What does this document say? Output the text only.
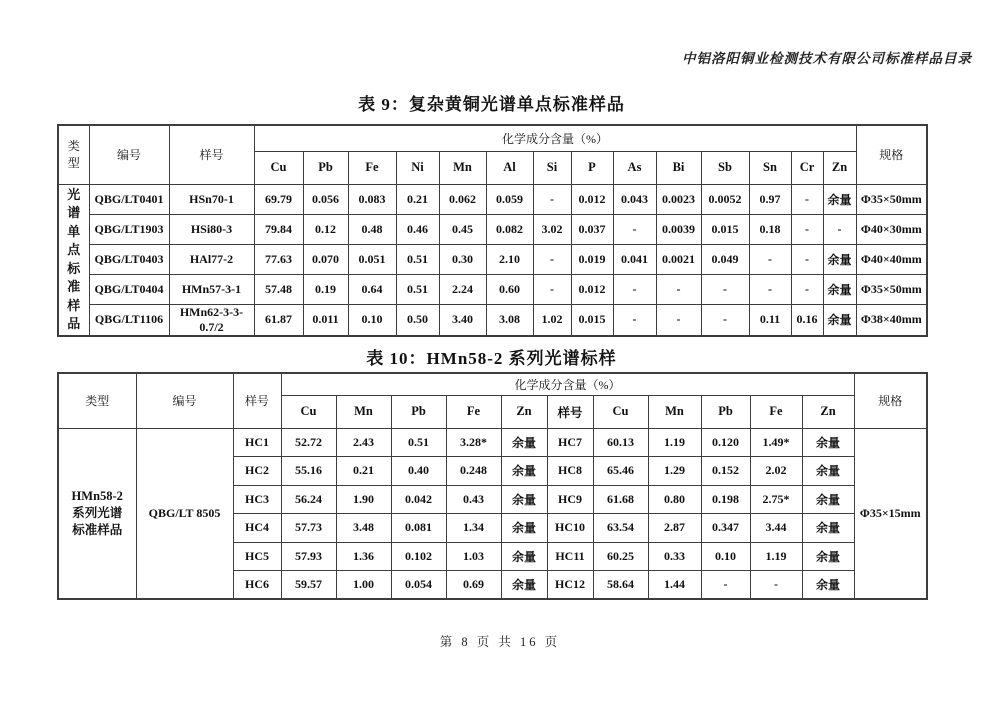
中铝洛阳铜业检测技术有限公司标准样品目录
表 9：复杂黄铜光谱单点标准样品
类型	编号	样号	化学成分含量（%）														规格
			Cu	Pb	Fe	Ni	Mn	Al	Si	P	As	Bi	Sb	Sn	Cr	Zn	

光谱单点标准样品	QBG/LT0401	HSn70-1	69.79	0.056	0.083	0.21	0.062	0.059	-	0.012	0.043	0.0023	0.0052	0.97	-	余量	Φ35×50mm
	QBG/LT1903	HSi80-3	79.84	0.12	0.48	0.46	0.45	0.082	3.02	0.037	-	0.0039	0.015	0.18	-	-	Φ40×30mm
	QBG/LT0403	HAl77-2	77.63	0.070	0.051	0.51	0.30	2.10	-	0.019	0.041	0.0021	0.049	-	-	余量	Φ40×40mm
	QBG/LT0404	HMn57-3-1	57.48	0.19	0.64	0.51	2.24	0.60	-	0.012	-	-	-	-	-	余量	Φ35×50mm
	QBG/LT1106	HMn62-3-3-0.7/2	61.87	0.011	0.10	0.50	3.40	3.08	1.02	0.015	-	-	-	0.11	0.16	余量	Φ38×40mm
表 10：HMn58-2 系列光谱标样
类型	编号	样号	化学成分含量（%）											规格
			Cu	Mn	Pb	Fe	Zn	样号	Cu	Mn	Pb	Fe	Zn	

HMn58-2
系列光谱
标准样品	QBG/LT 8505	HC1	52.72	2.43	0.51	3.28*	余量	HC7	60.13	1.19	0.120	1.49*	余量	Φ35×15mm
		HC2	55.16	0.21	0.40	0.248	余量	HC8	65.46	1.29	0.152	2.02	余量	
		HC3	56.24	1.90	0.042	0.43	余量	HC9	61.68	0.80	0.198	2.75*	余量	
		HC4	57.73	3.48	0.081	1.34	余量	HC10	63.54	2.87	0.347	3.44	余量	
		HC5	57.93	1.36	0.102	1.03	余量	HC11	60.25	0.33	0.10	1.19	余量	
		HC6	59.57	1.00	0.054	0.69	余量	HC12	58.64	1.44	-	-	余量	
第 8 页 共 16 页
